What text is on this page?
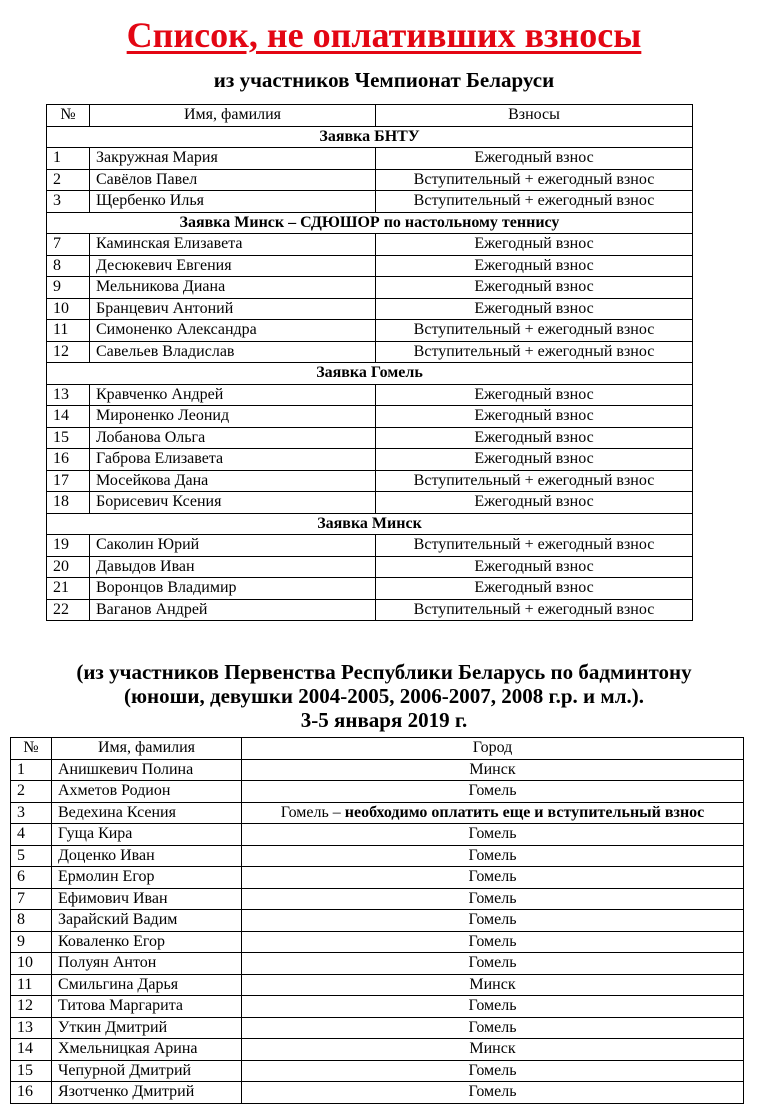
Список, не оплативших взносы
из участников Чемпионат Беларуси
№	Имя, фамилия	Взносы
Заявка БНТУ		
1	Закружная Мария	Ежегодный взнос
2	Савёлов Павел	Вступительный + ежегодный взнос
3	Щербенко Илья	Вступительный + ежегодный взнос
Заявка Минск – СДЮШОР по настольному теннису		
7	Каминская Елизавета	Ежегодный взнос
8	Десюкевич Евгения	Ежегодный взнос
9	Мельникова Диана	Ежегодный взнос
10	Бранцевич Антоний	Ежегодный взнос
11	Симоненко Александра	Вступительный + ежегодный взнос
12	Савельев Владислав	Вступительный + ежегодный взнос
Заявка Гомель		
13	Кравченко Андрей	Ежегодный взнос
14	Мироненко Леонид	Ежегодный взнос
15	Лобанова Ольга	Ежегодный взнос
16	Габрова Елизавета	Ежегодный взнос
17	Мосейкова Дана	Вступительный + ежегодный взнос
18	Борисевич Ксения	Ежегодный взнос
Заявка Минск		
19	Саколин Юрий	Вступительный + ежегодный взнос
20	Давыдов Иван	Ежегодный взнос
21	Воронцов Владимир	Ежегодный взнос
22	Ваганов Андрей	Вступительный + ежегодный взнос
(из участников Первенства Республики Беларусь по бадминтону
(юноши, девушки 2004-2005, 2006-2007, 2008 г.р. и мл.).
3-5 января 2019 г.
№	Имя, фамилия	Город
1	Анишкевич Полина	Минск
2	Ахметов Родион	Гомель
3	Ведехина Ксения	Гомель – необходимо оплатить еще и вступительный взнос
4	Гуща Кира	Гомель
5	Доценко Иван	Гомель
6	Ермолин Егор	Гомель
7	Ефимович Иван	Гомель
8	Зарайский Вадим	Гомель
9	Коваленко Егор	Гомель
10	Полуян Антон	Гомель
11	Смильгина Дарья	Минск
12	Титова Маргарита	Гомель
13	Уткин Дмитрий	Гомель
14	Хмельницкая Арина	Минск
15	Чепурной Дмитрий	Гомель
16	Язотченко Дмитрий	Гомель
